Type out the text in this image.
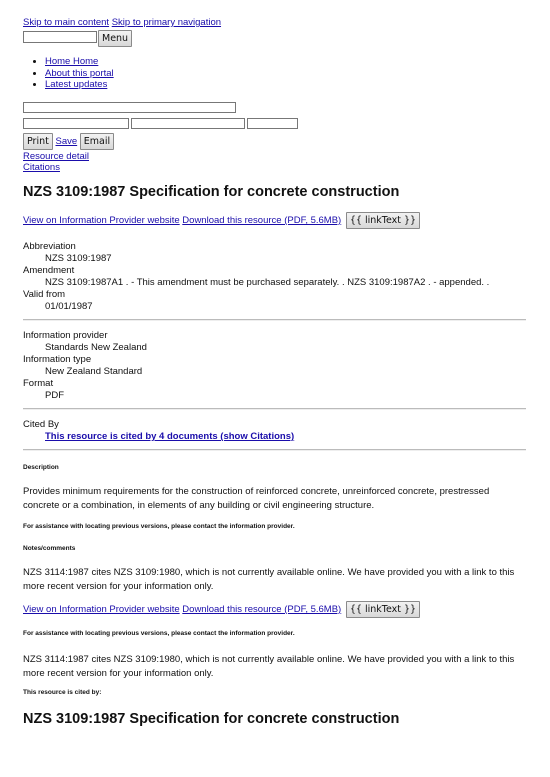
Skip to main content Skip to primary navigation
Menu
• Home Home
• About this portal
• Latest updates
Print Save Email
Resource detail
Citations
NZS 3109:1987 Specification for concrete construction
View on Information Provider website Download this resource (PDF, 5.6MB) {{ linkText }}
Abbreviation
NZS 3109:1987
Amendment
NZS 3109:1987A1 . - This amendment must be purchased separately. . NZS 3109:1987A2 . - appended. .
Valid from
01/01/1987
Information provider
Standards New Zealand
Information type
New Zealand Standard
Format
PDF
Cited By
This resource is cited by 4 documents (show Citations)
Description
Provides minimum requirements for the construction of reinforced concrete, unreinforced concrete, prestressed concrete or a combination, in elements of any building or civil engineering structure.
For assistance with locating previous versions, please contact the information provider.
Notes/comments
NZS 3114:1987 cites NZS 3109:1980, which is not currently available online. We have provided you with a link to this more recent version for your information only.
View on Information Provider website Download this resource (PDF, 5.6MB) {{ linkText }}
For assistance with locating previous versions, please contact the information provider.
NZS 3114:1987 cites NZS 3109:1980, which is not currently available online. We have provided you with a link to this more recent version for your information only.
This resource is cited by:
NZS 3109:1987 Specification for concrete construction
